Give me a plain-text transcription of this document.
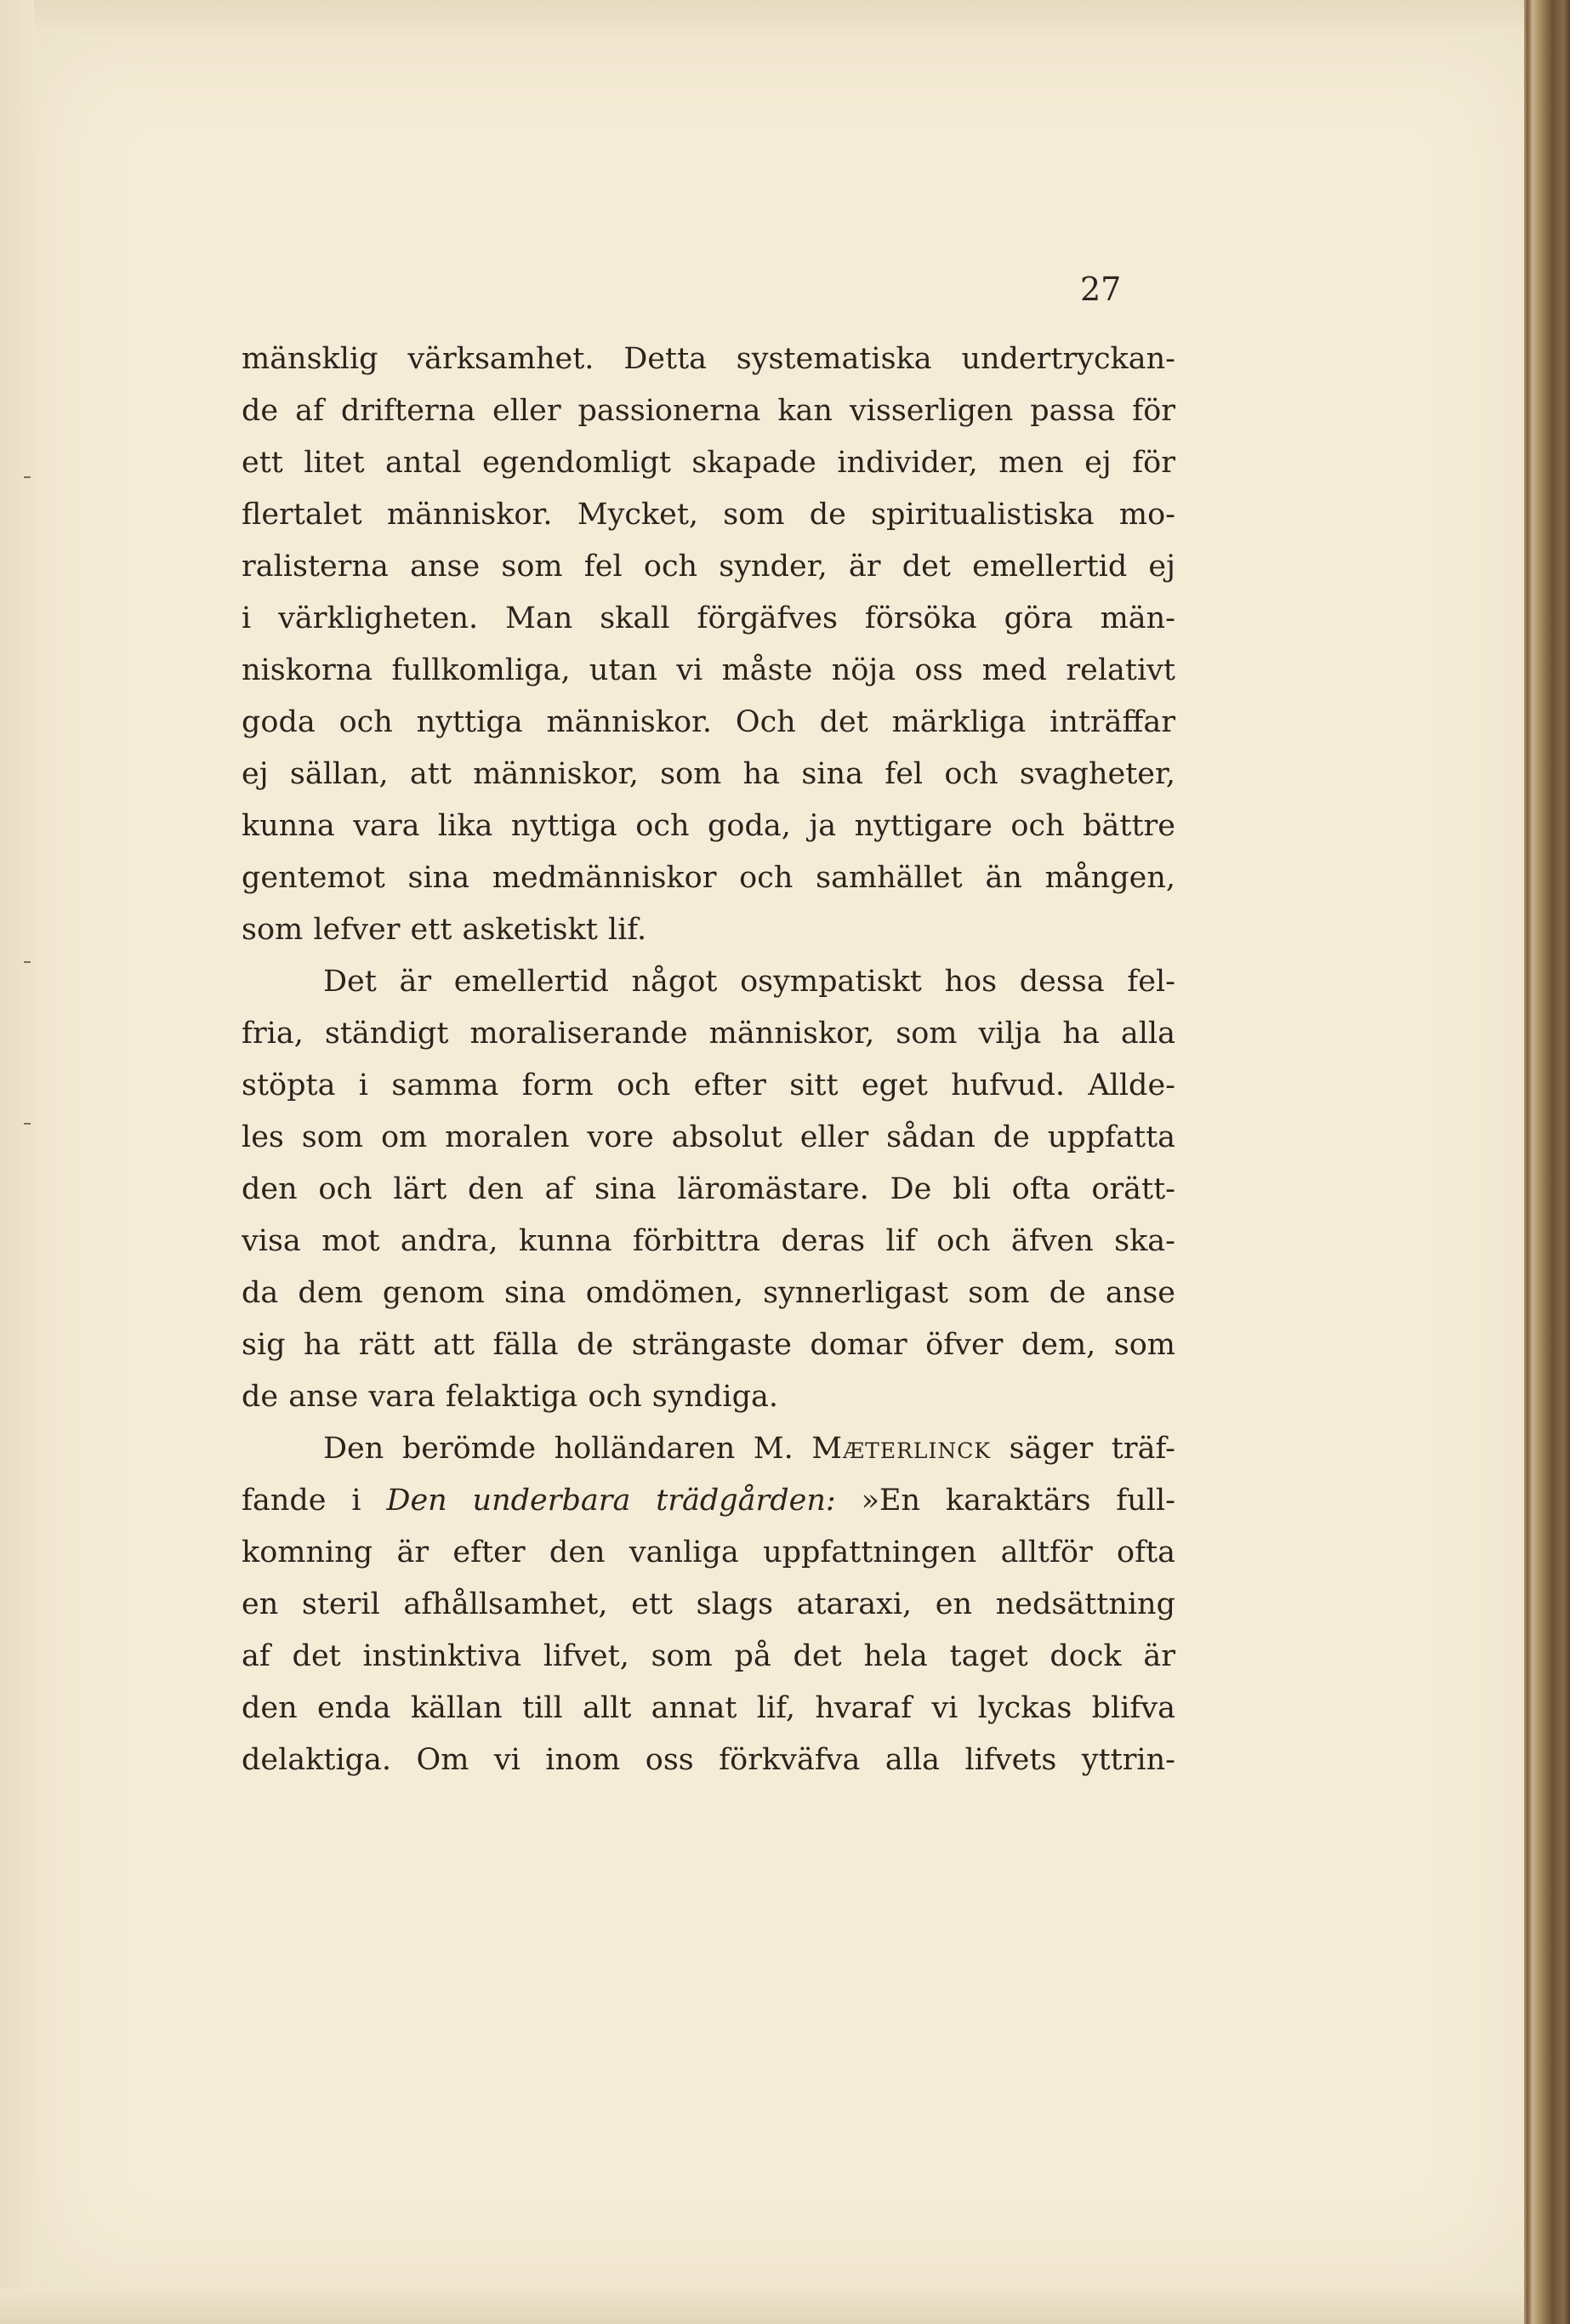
27

mänsklig värksamhet. Detta systematiska undertryckan-
de af drifterna eller passionerna kan visserligen passa för
ett litet antal egendomligt skapade individer, men ej för
flertalet människor. Mycket, som de spiritualistiska mo-
ralisterna anse som fel och synder, är det emellertid ej
i värkligheten. Man skall förgäfves försöka göra män-
niskorna fullkomliga, utan vi måste nöja oss med relativt
goda och nyttiga människor. Och det märkliga inträffar
ej sällan, att människor, som ha sina fel och svagheter,
kunna vara lika nyttiga och goda, ja nyttigare och bättre
gentemot sina medmänniskor och samhället än mången,
som lefver ett asketiskt lif.
Det är emellertid något osympatiskt hos dessa fel-
fria, ständigt moraliserande människor, som vilja ha alla
stöpta i samma form och efter sitt eget hufvud. Allde-
les som om moralen vore absolut eller sådan de uppfatta
den och lärt den af sina läromästare. De bli ofta orätt-
visa mot andra, kunna förbittra deras lif och äfven ska-
da dem genom sina omdömen, synnerligast som de anse
sig ha rätt att fälla de strängaste domar öfver dem, som
de anse vara felaktiga och syndiga.
Den berömde holländaren M. Mæterlinck säger träf-
fande i Den underbara trädgården: »En karaktärs full-
komning är efter den vanliga uppfattningen alltför ofta
en steril afhållsamhet, ett slags ataraxi, en nedsättning
af det instinktiva lifvet, som på det hela taget dock är
den enda källan till allt annat lif, hvaraf vi lyckas blifva
delaktiga. Om vi inom oss förkväfva alla lifvets yttrin-
